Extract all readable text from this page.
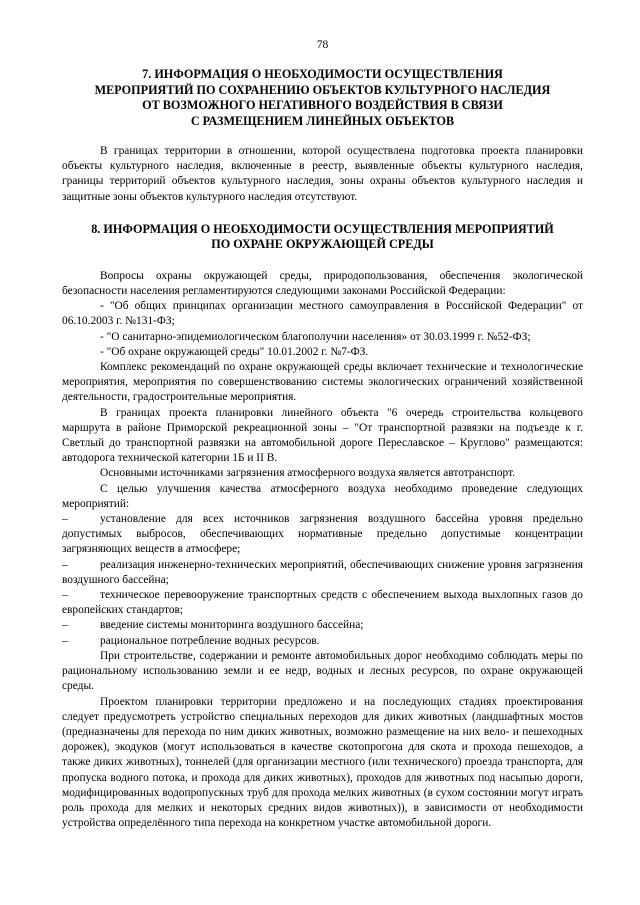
78
7. ИНФОРМАЦИЯ О НЕОБХОДИМОСТИ ОСУЩЕСТВЛЕНИЯ
МЕРОПРИЯТИЙ ПО СОХРАНЕНИЮ ОБЪЕКТОВ КУЛЬТУРНОГО НАСЛЕДИЯ
ОТ ВОЗМОЖНОГО НЕГАТИВНОГО ВОЗДЕЙСТВИЯ В СВЯЗИ
С РАЗМЕЩЕНИЕМ ЛИНЕЙНЫХ ОБЪЕКТОВ

В границах территории в отношении, которой осуществлена подготовка проекта планировки объекты культурного наследия, включенные в реестр, выявленные объекты культурного наследия, границы территорий объектов культурного наследия, зоны охраны объектов культурного наследия и защитные зоны объектов культурного наследия отсутствуют.

8. ИНФОРМАЦИЯ О НЕОБХОДИМОСТИ ОСУЩЕСТВЛЕНИЯ МЕРОПРИЯТИЙ
ПО ОХРАНЕ ОКРУЖАЮЩЕЙ СРЕДЫ

Вопросы охраны окружающей среды, природопользования, обеспечения экологической безопасности населения регламентируются следующими законами Российской Федерации:

- "Об общих принципах организации местного самоуправления в Российской Федерации" от 06.10.2003 г. №131-ФЗ;

- "О санитарно-эпидемиологическом благополучии населения» от 30.03.1999 г. №52-ФЗ;

- "Об охране окружающей среды" 10.01.2002 г. №7-ФЗ.

Комплекс рекомендаций по охране окружающей среды включает технические и технологические мероприятия, мероприятия по совершенствованию системы экологических ограничений хозяйственной деятельности, градостроительные мероприятия.

В границах проекта планировки линейного объекта "6 очередь строительства кольцевого маршрута в районе Приморской рекреационной зоны – "От транспортной развязки на подъезде к г. Светлый до транспортной развязки на автомобильной дороге Переславское – Круглово" размещаются: автодорога технической категории 1Б и II В.

Основными источниками загрязнения атмосферного воздуха является автотранспорт.

С целью улучшения качества атмосферного воздуха необходимо проведение следующих мероприятий:

–	установление для всех источников загрязнения воздушного бассейна уровня предельно допустимых выбросов, обеспечивающих нормативные предельно допустимые концентрации загрязняющих веществ в атмосфере;

–	реализация инженерно-технических мероприятий, обеспечивающих снижение уровня загрязнения воздушного бассейна;

–	техническое перевооружение транспортных средств с обеспечением выхода выхлопных газов до европейских стандартов;

–	введение системы мониторинга воздушного бассейна;

–	рациональное потребление водных ресурсов.

При строительстве, содержании и ремонте автомобильных дорог необходимо соблюдать меры по рациональному использованию земли и ее недр, водных и лесных ресурсов, по охране окружающей среды.

Проектом планировки территории предложено и на последующих стадиях проектирования следует предусмотреть устройство специальных переходов для диких животных (ландшафтных мостов (предназначены для перехода по ним диких животных, возможно размещение на них вело- и пешеходных дорожек), экодуков (могут использоваться в качестве скотопрогона для скота и прохода пешеходов, а также диких животных), тоннелей (для организации местного (или технического) проезда транспорта, для пропуска водного потока, и прохода для диких животных), проходов для животных под насыпью дороги, модифицированных водопропускных труб для прохода мелких животных (в сухом состоянии могут играть роль прохода для мелких и некоторых средних видов животных)), в зависимости от необходимости устройства определённого типа перехода на конкретном участке автомобильной дороги.
